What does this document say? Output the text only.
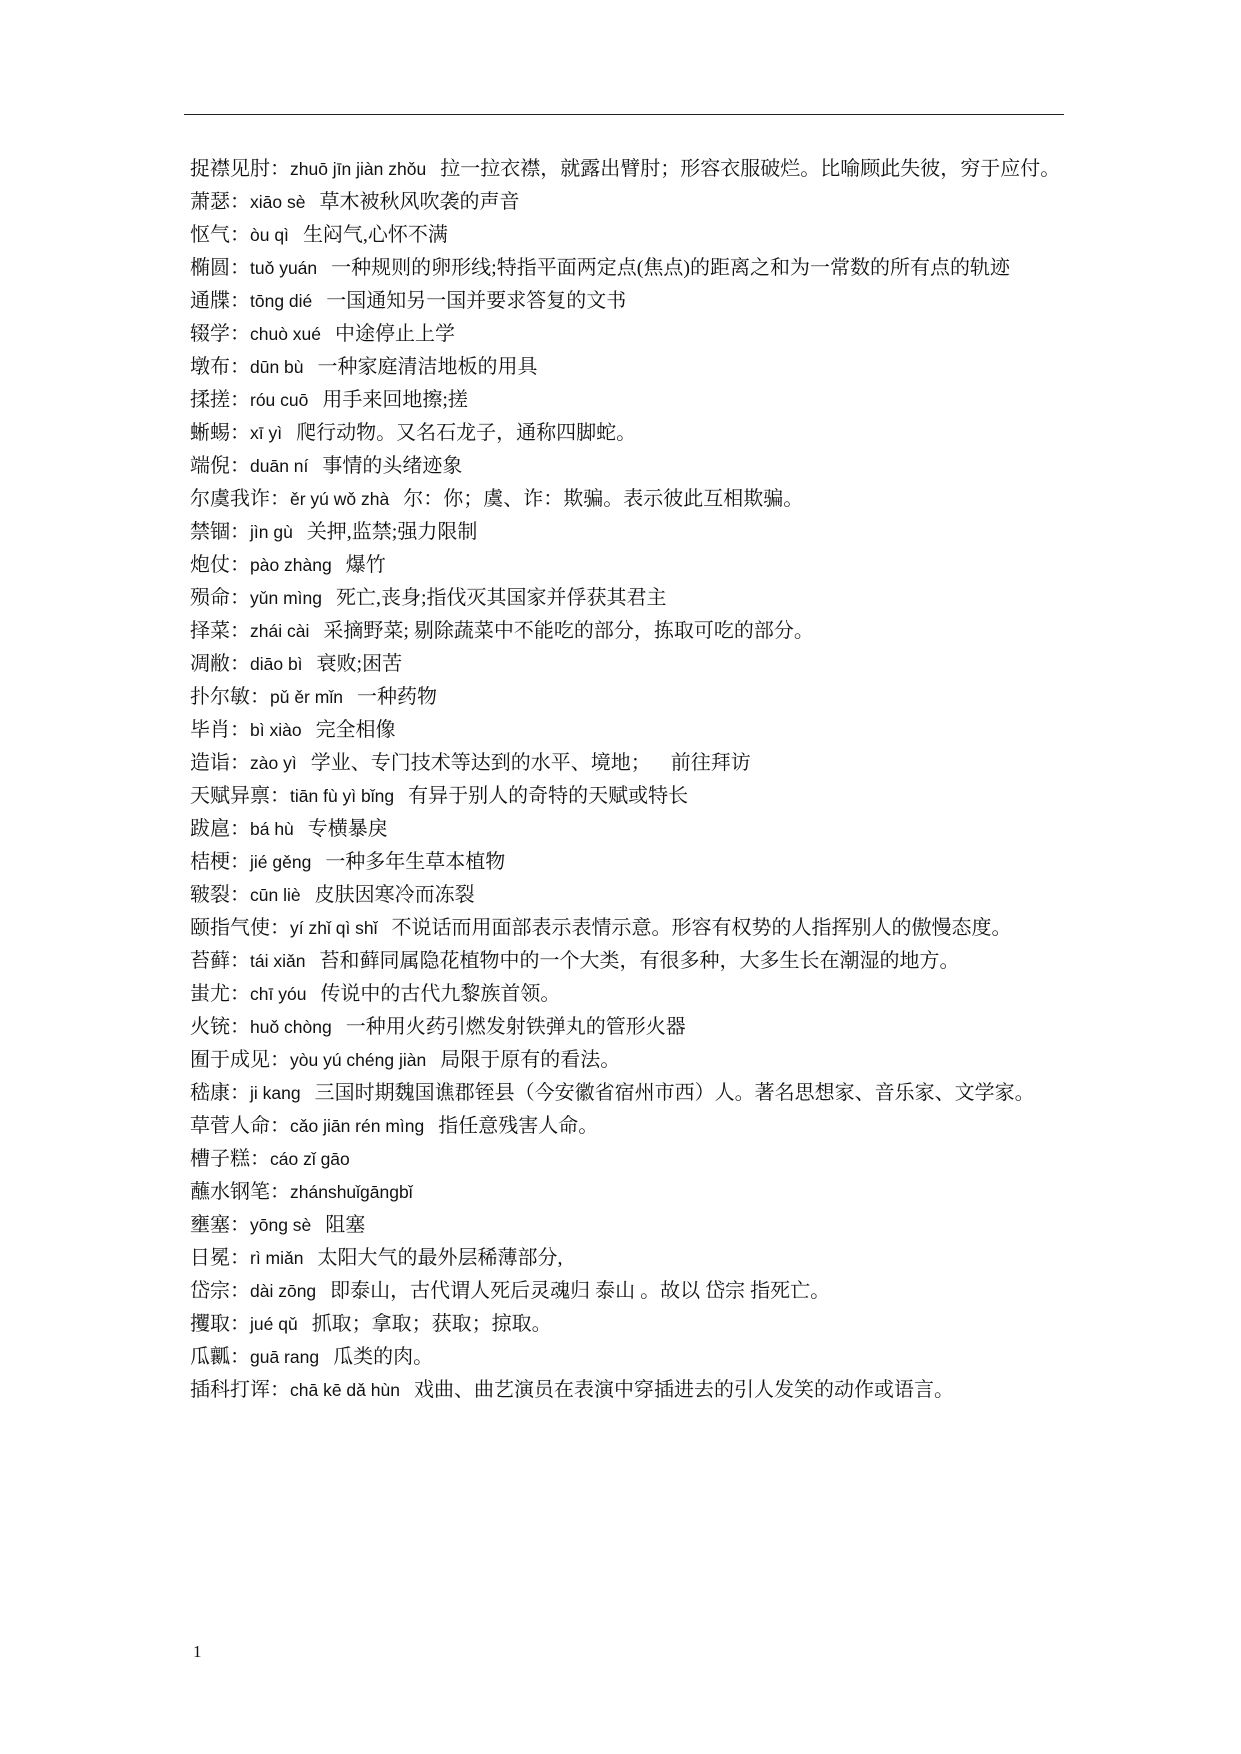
捉襟见肘：zhuō jīn jiàn zhǒu 拉一拉衣襟，就露出臂肘；形容衣服破烂。比喻顾此失彼，穷于应付。
萧瑟：xiāo sè 草木被秋风吹袭的声音
怄气：òu qì 生闷气,心怀不满
椭圆：tuǒ yuán 一种规则的卵形线;特指平面两定点(焦点)的距离之和为一常数的所有点的轨迹
通牒：tōng dié 一国通知另一国并要求答复的文书
辍学：chuò xué 中途停止上学
墩布：dūn bù 一种家庭清洁地板的用具
揉搓：róu cuō 用手来回地擦;搓
蜥蜴：xī yì 爬行动物。又名石龙子，通称四脚蛇。
端倪：duān ní 事情的头绪迹象
尔虞我诈：ěr yú wǒ zhà 尔：你；虞、诈：欺骗。表示彼此互相欺骗。
禁锢：jìn gù 关押,监禁;强力限制
炮仗：pào zhàng 爆竹
殒命：yǔn mìng 死亡,丧身;指伐灭其国家并俘获其君主
择菜：zhái cài 采摘野菜; 剔除蔬菜中不能吃的部分，拣取可吃的部分。
凋敝：diāo bì 衰败;困苦
扑尔敏：pǔ ěr mǐn 一种药物
毕肖：bì xiào 完全相像
造诣：zào yì 学业、专门技术等达到的水平、境地；    前往拜访
天赋异禀：tiān fù yì bǐng 有异于别人的奇特的天赋或特长
跋扈：bá hù 专横暴戾
桔梗：jié gěng 一种多年生草本植物
皲裂：cūn liè 皮肤因寒冷而冻裂
颐指气使：yí zhǐ qì shǐ 不说话而用面部表示表情示意。形容有权势的人指挥别人的傲慢态度。
苔藓：tái xiǎn 苔和藓同属隐花植物中的一个大类，有很多种，大多生长在潮湿的地方。
蚩尤：chī yóu 传说中的古代九黎族首领。
火铳：huǒ chòng 一种用火药引燃发射铁弹丸的管形火器
囿于成见：yòu yú chéng jiàn 局限于原有的看法。
嵇康：ji kang 三国时期魏国谯郡铚县（今安徽省宿州市西）人。著名思想家、音乐家、文学家。
草菅人命：cǎo jiān rén mìng 指任意残害人命。
槽子糕：cáo zǐ gāo
蘸水钢笔：zhánshuǐgāngbǐ
壅塞：yōng sè 阻塞
日冕：rì miǎn 太阳大气的最外层稀薄部分,
岱宗：dài zōng 即泰山，古代谓人死后灵魂归 泰山 。故以 岱宗 指死亡。
攫取：jué qǔ 抓取；拿取；获取；掠取。
瓜瓤：guā rang 瓜类的肉。
插科打诨：chā kē dǎ hùn 戏曲、曲艺演员在表演中穿插进去的引人发笑的动作或语言。
1
